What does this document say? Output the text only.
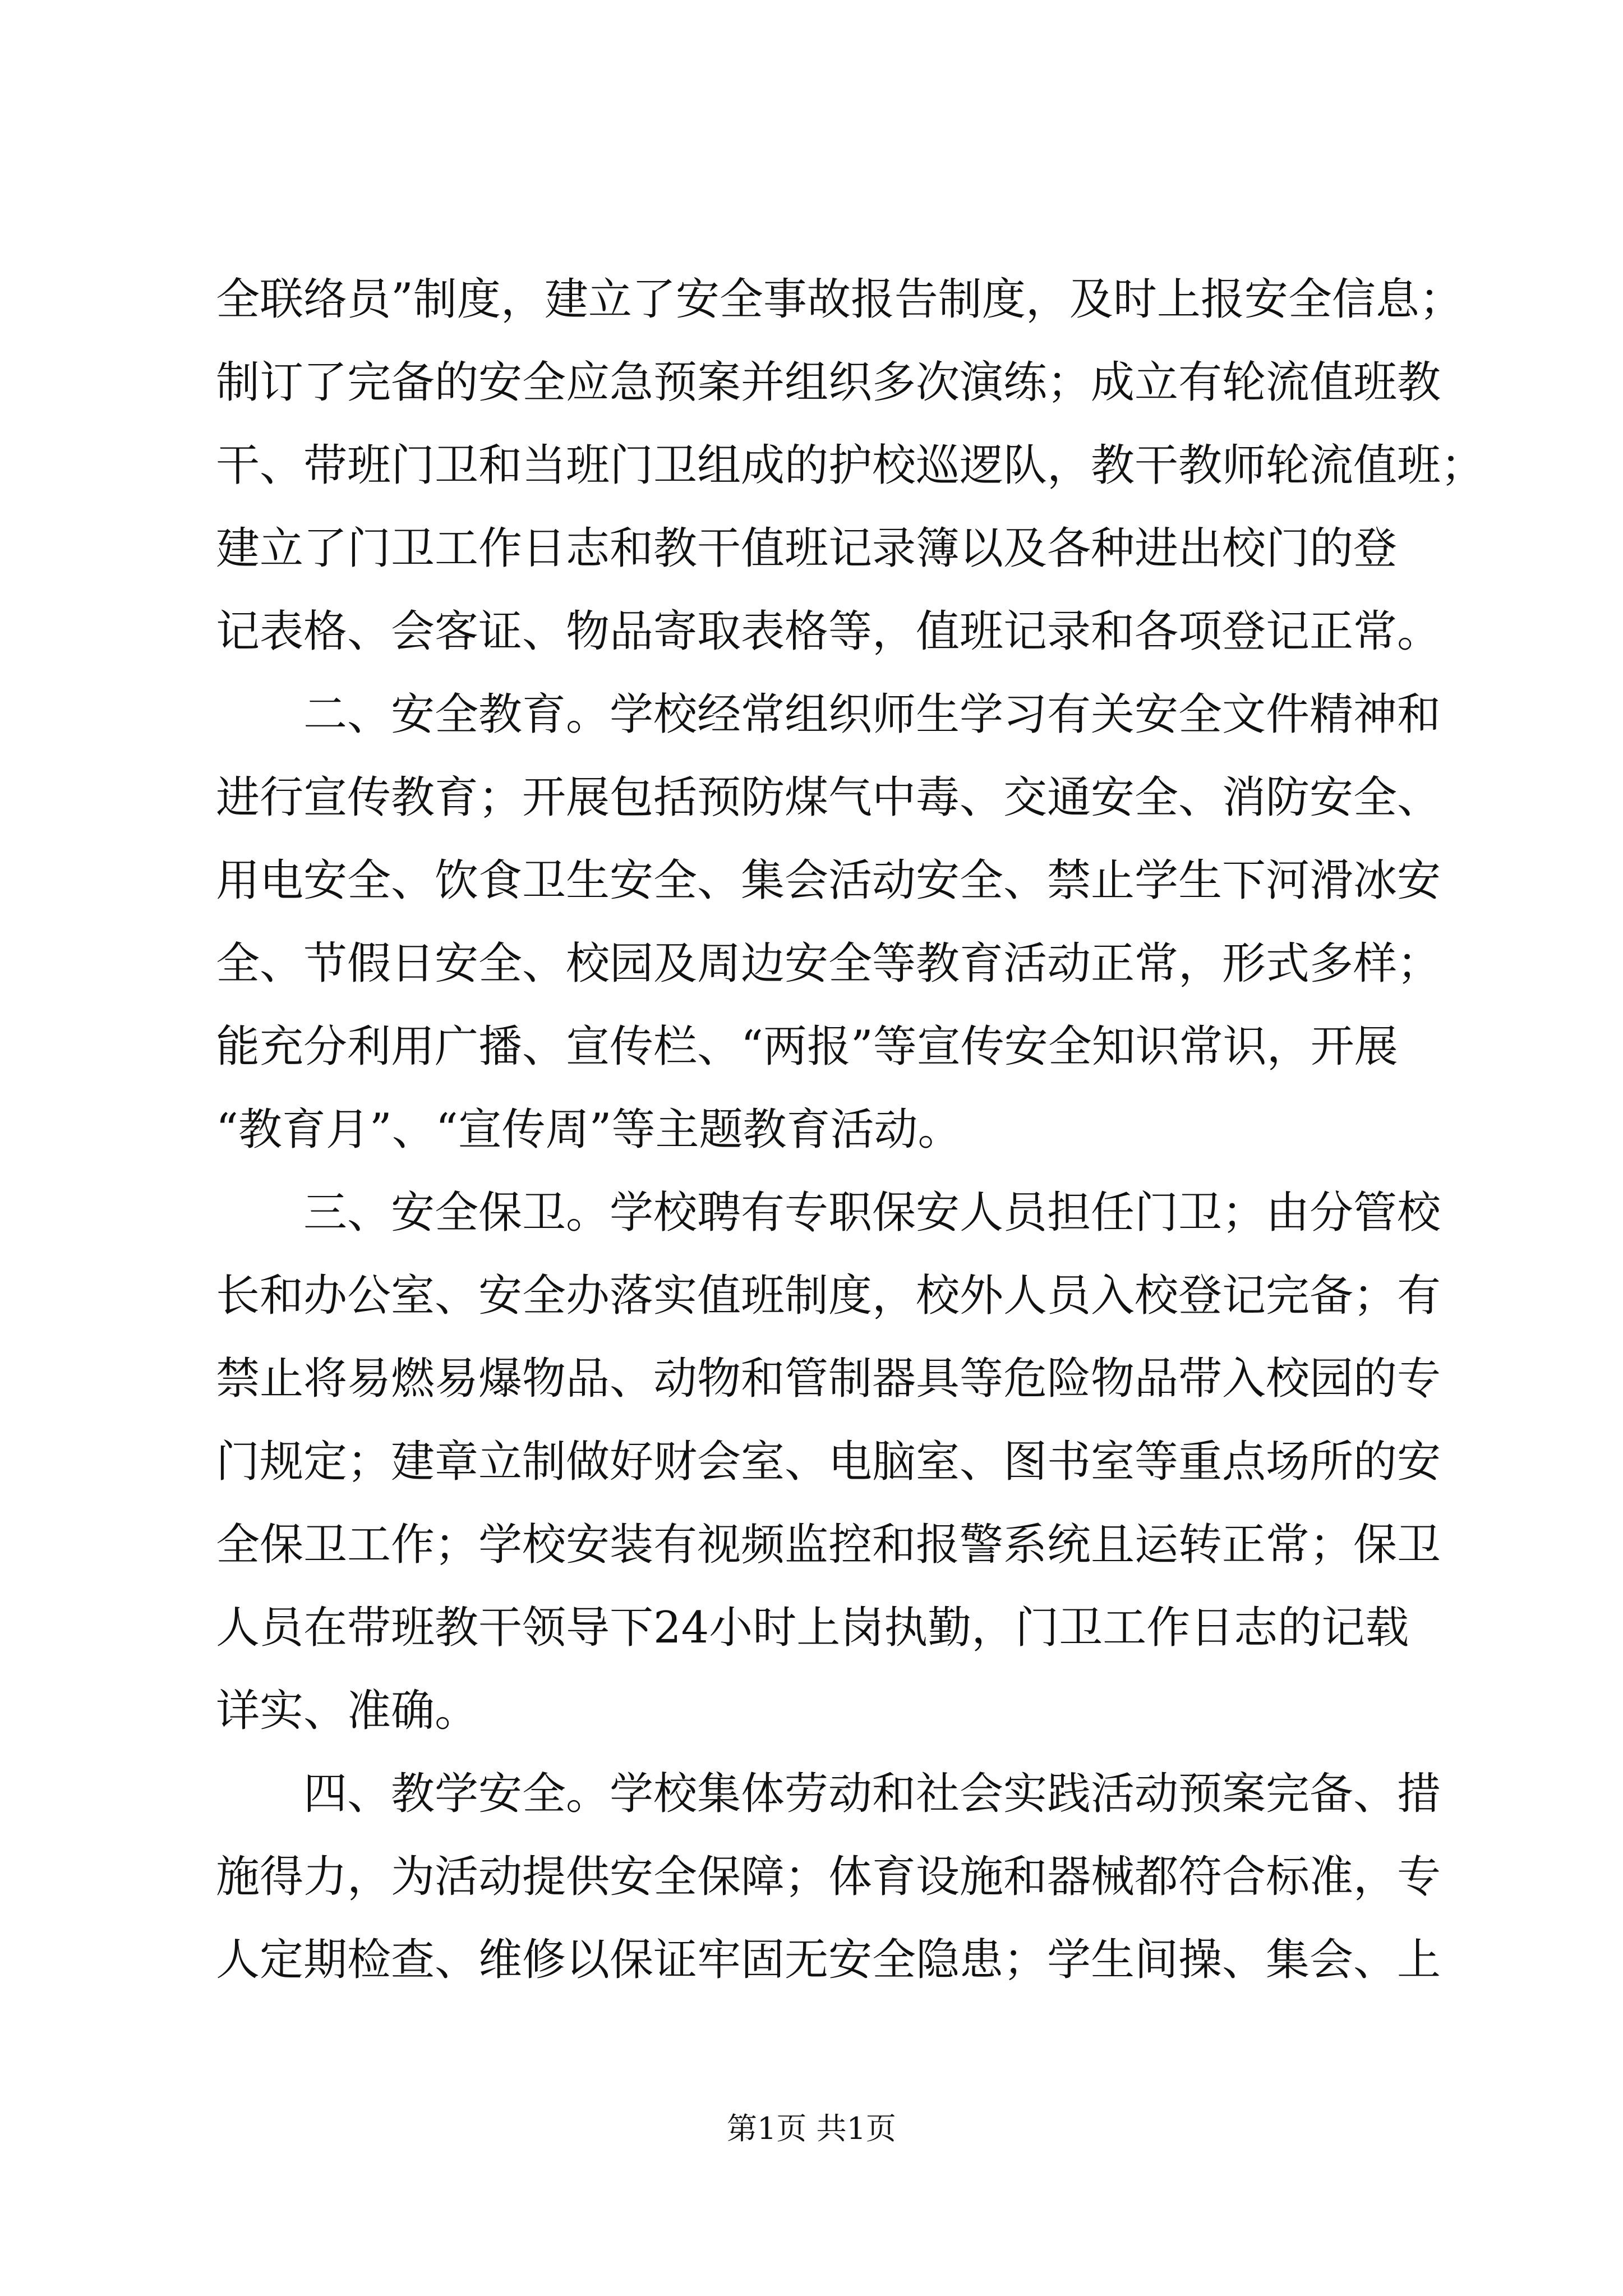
全联络员”制度，建立了安全事故报告制度，及时上报安全信息；
制订了完备的安全应急预案并组织多次演练；成立有轮流值班教
干、带班门卫和当班门卫组成的护校巡逻队，教干教师轮流值班；
建立了门卫工作日志和教干值班记录簿以及各种进出校门的登
记表格、会客证、物品寄取表格等，值班记录和各项登记正常。
　　二、安全教育。学校经常组织师生学习有关安全文件精神和
进行宣传教育；开展包括预防煤气中毒、交通安全、消防安全、
用电安全、饮食卫生安全、集会活动安全、禁止学生下河滑冰安
全、节假日安全、校园及周边安全等教育活动正常，形式多样；
能充分利用广播、宣传栏、“两报”等宣传安全知识常识，开展
“教育月”、“宣传周”等主题教育活动。
　　三、安全保卫。学校聘有专职保安人员担任门卫；由分管校
长和办公室、安全办落实值班制度，校外人员入校登记完备；有
禁止将易燃易爆物品、动物和管制器具等危险物品带入校园的专
门规定；建章立制做好财会室、电脑室、图书室等重点场所的安
全保卫工作；学校安装有视频监控和报警系统且运转正常；保卫
人员在带班教干领导下24小时上岗执勤，门卫工作日志的记载
详实、准确。
　　四、教学安全。学校集体劳动和社会实践活动预案完备、措
施得力，为活动提供安全保障；体育设施和器械都符合标准，专
人定期检查、维修以保证牢固无安全隐患；学生间操、集会、上
第1页 共1页
